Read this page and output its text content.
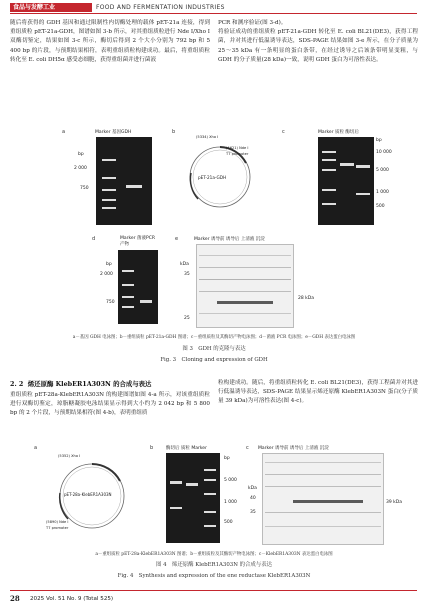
食品与发酵工业	FOOD AND FERMENTATION INDUSTRIES
随后将获得的 GDH 基因和通过限制性内切酶处理的载体 pET-21a 连接，得到重组质粒 pET-21a-GDH，图谱如图 3-b 所示，对其重组质粒进行 Nde I/Xho I 双酶切鉴定，结果如图 3-c 所示，酶切后得到 2 个大小分别为 792 bp 和 5 400 bp 的片段，与预期结果相符，表明重组质粒构建成功。最后，将重组质粒转化至 E. coli DH5α 感受态细胞，获得重组菌并进行菌液
PCR 和测序验证(图 3-d)。
将验证成功的重组质粒 pET-21a-GDH 转化至 E. coli BL21(DE3)，获得工程菌，并对其进行低温诱导表达，SDS-PAGE 结果如图 3-e 所示，在分子质量为 25～35 kDa 有一条明显的蛋白条带，在经过诱导之后该条带明显变粗，与 GDH 的分子质量(28 kDa)一致，说明 GDH 蛋白为可溶性表达。
a	Marker 基因GDH
bp
2 000
750
b
pET-21a-GDH
(5334) Xho I
(4621) Nde I
T7 promoter
c	Marker 质粒 酶切后
bp
10 000
5 000
1 000
500
d	Marker 菌液PCR产物
bp
2 000
750
e	Marker 诱导前 诱导后 上清液 沉淀
kDa
35
25
28 kDa
a－基因 GDH 电泳图；b－重组质粒 pET-21a-GDH 图谱；c－重组质粒及其酶切产物电泳图；d－菌液 PCR 电泳图；e－GDH 表达蛋白电泳图
图 3　GDH 的克隆与表达
Fig. 3　Cloning and expression of GDH
2. 2 烯还原酶 KlebER1A303N 的合成与表达
重组质粒 pET-28a-KlebER1A303N 的构建图谱如图 4-a 所示，对该重组质粒进行双酶切鉴定，琼脂糖凝胶电泳结果显示得到大小约为 2 042 bp 和 5 800 bp 的 2 个片段，与预期结果相符(图 4-b)，表明重组质
粒构建成功。随后，将重组质粒转化 E. coli BL21(DE3)，获得工程菌并对其进行低温诱导表达，SDS-PAGE 结果显示烯还原酶 KlebER1A303N 蛋白(分子质量 39 kDa)为可溶性表达(图 4-c)。
a
pET-28a-KlebER1A303N
(5352) Xho I
(5890) Nde I
T7 promoter
b	酶切后 质粒 Marker
bp
5 000
1 000
500
c Marker 诱导前 诱导后 上清液 沉淀
kDa
40
35
39 kDa
a－重组质粒 pET-28a-KlebER1A303N 图谱；b－重组质粒及其酶切产物电泳图；c－KlebER1A303N 表达蛋白电泳图
图 4　烯还原酶 KlebER1A303N 的合成与表达
Fig. 4　Synthesis and expression of the ene reductase KlebER1A303N
28 2025 Vol. 51 No. 9 (Total 525)
